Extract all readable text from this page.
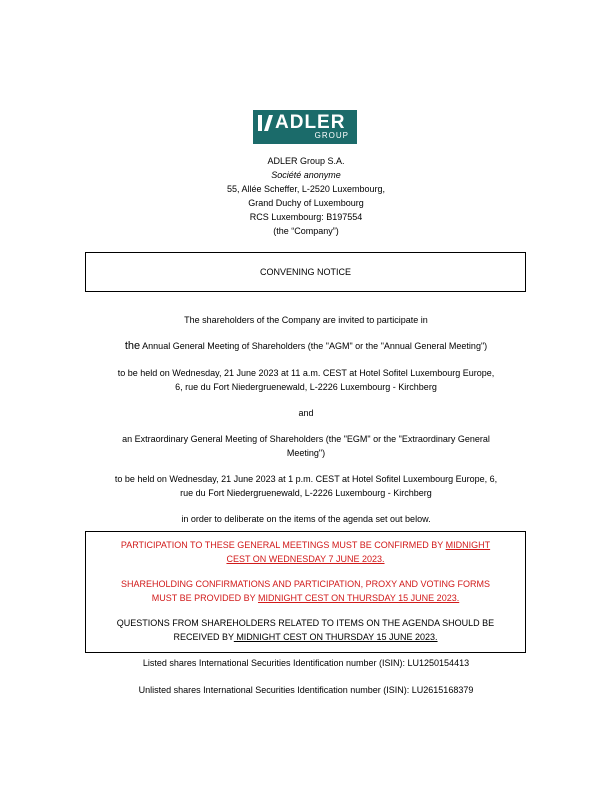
ADLER
GROUP
ADLER Group S.A.
Société anonyme
55, Allée Scheffer, L-2520 Luxembourg,
Grand Duchy of Luxembourg
RCS Luxembourg: B197554
(the “Company”)
CONVENING NOTICE
The shareholders of the Company are invited to participate in
the Annual General Meeting of Shareholders (the "AGM" or the "Annual General Meeting")
to be held on Wednesday, 21 June 2023 at 11 a.m. CEST at Hotel Sofitel Luxembourg Europe,
6, rue du Fort Niedergruenewald, L-2226 Luxembourg - Kirchberg
and
an Extraordinary General Meeting of Shareholders (the "EGM" or the "Extraordinary General
Meeting")
to be held on Wednesday, 21 June 2023 at 1 p.m. CEST at Hotel Sofitel Luxembourg Europe, 6,
rue du Fort Niedergruenewald, L-2226 Luxembourg - Kirchberg
in order to deliberate on the items of the agenda set out below.
PARTICIPATION TO THESE GENERAL MEETINGS MUST BE CONFIRMED BY MIDNIGHT
CEST ON WEDNESDAY 7 JUNE 2023.
SHAREHOLDING CONFIRMATIONS AND PARTICIPATION, PROXY AND VOTING FORMS
MUST BE PROVIDED BY MIDNIGHT CEST ON THURSDAY 15 JUNE 2023.
QUESTIONS FROM SHAREHOLDERS RELATED TO ITEMS ON THE AGENDA SHOULD BE
RECEIVED BY MIDNIGHT CEST ON THURSDAY 15 JUNE 2023.
Listed shares International Securities Identification number (ISIN): LU1250154413
Unlisted shares International Securities Identification number (ISIN): LU2615168379
